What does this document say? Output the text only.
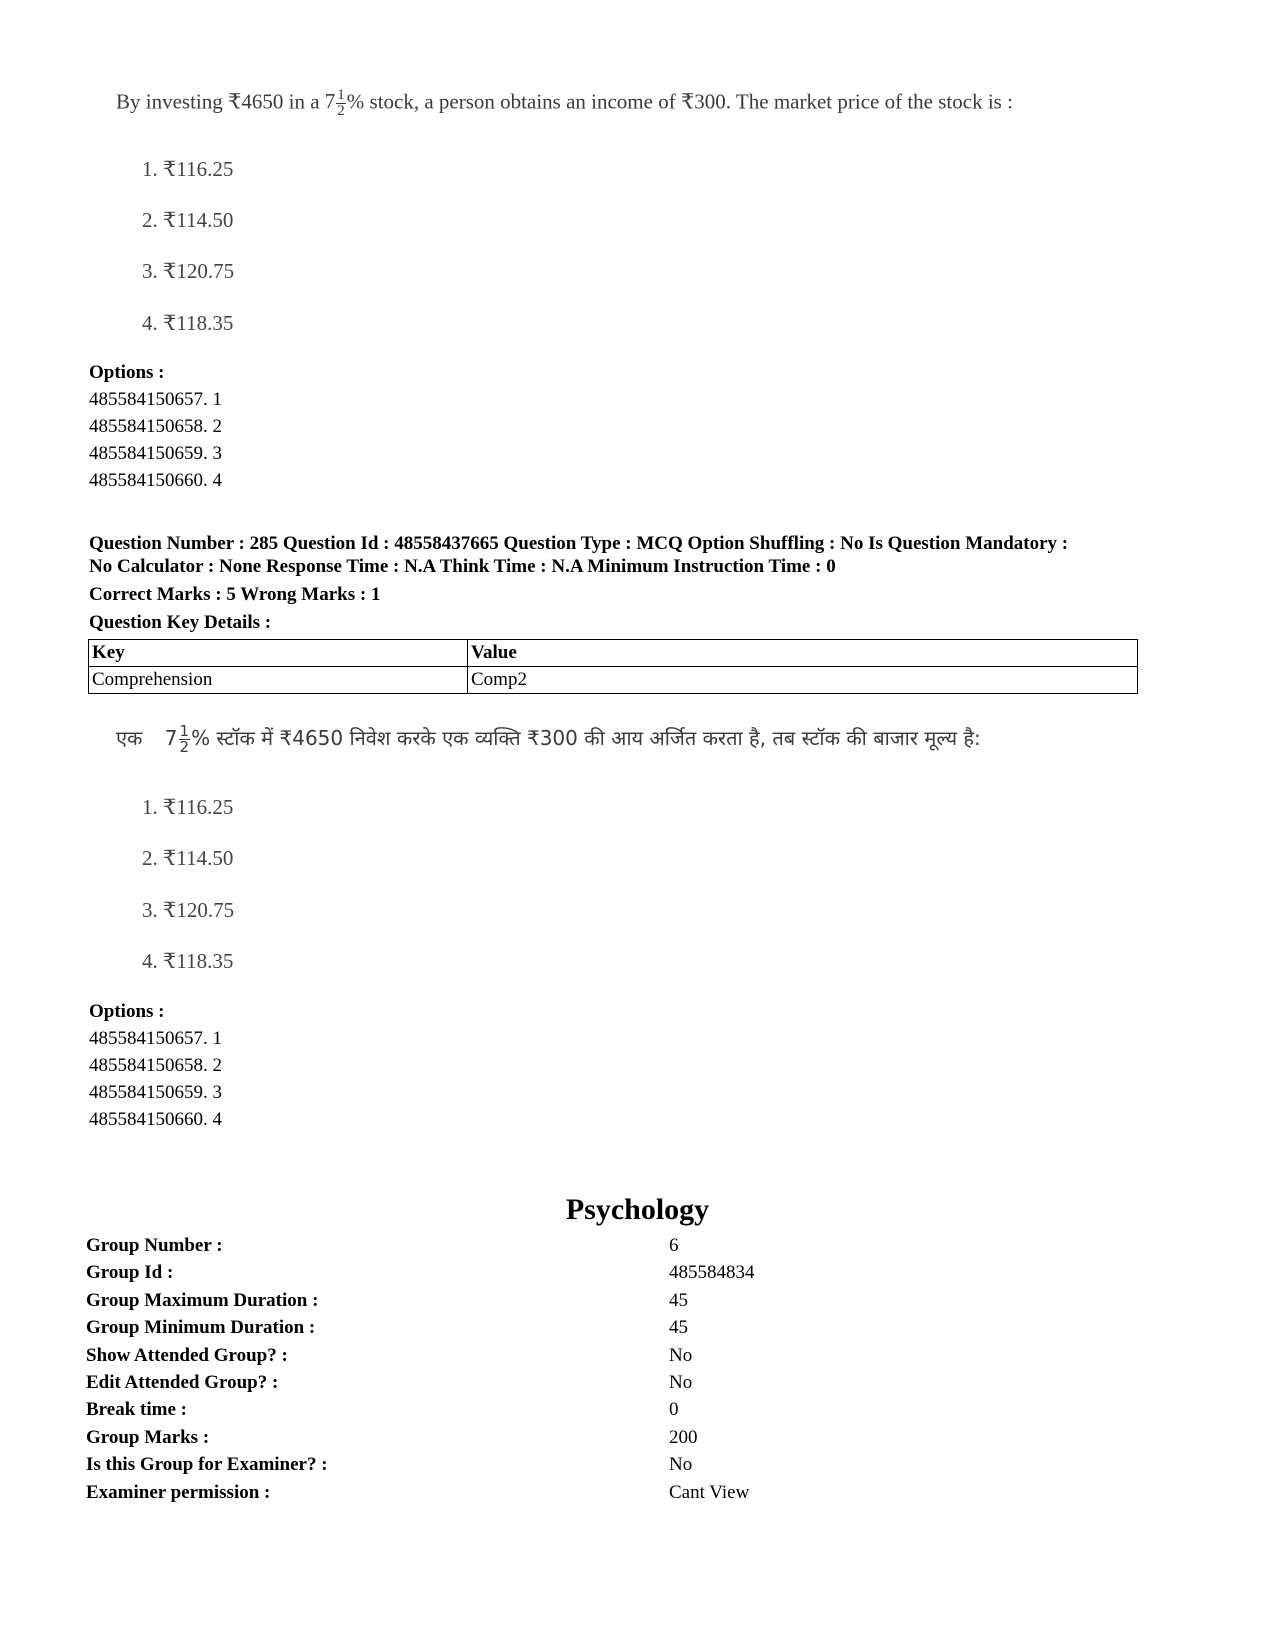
By investing ₹4650 in a $7 \frac{1}{2}$ % stock, a person obtains an income of ₹300. The market price of the stock is :
1. ₹116.25
2. ₹114.50
3. ₹120.75
4. ₹118.35
Options :
485584150657. 1
485584150658. 2
485584150659. 3
485584150660. 4
Question Number : 285 Question Id : 48558437665 Question Type : MCQ Option Shuffling : No Is Question Mandatory :
No Calculator : None Response Time : N.A Think Time : N.A Minimum Instruction Time : 0
Correct Marks : 5 Wrong Marks : 1
Question Key Details :
Key	Value
Comprehension	Comp2
एक $7 \frac{1}{2}$ % स्टॉक में ₹4650 निवेश करके एक व्यक्ति ₹300 की आय अर्जित करता है, तब स्टॉक की बाजार मूल्य है:
1. ₹116.25
2. ₹114.50
3. ₹120.75
4. ₹118.35
Options :
485584150657. 1
485584150658. 2
485584150659. 3
485584150660. 4
Psychology
Group Number :	6
Group Id :	485584834
Group Maximum Duration :	45
Group Minimum Duration :	45
Show Attended Group? :	No
Edit Attended Group? :	No
Break time :	0
Group Marks :	200
Is this Group for Examiner? :	No
Examiner permission :	Cant View
